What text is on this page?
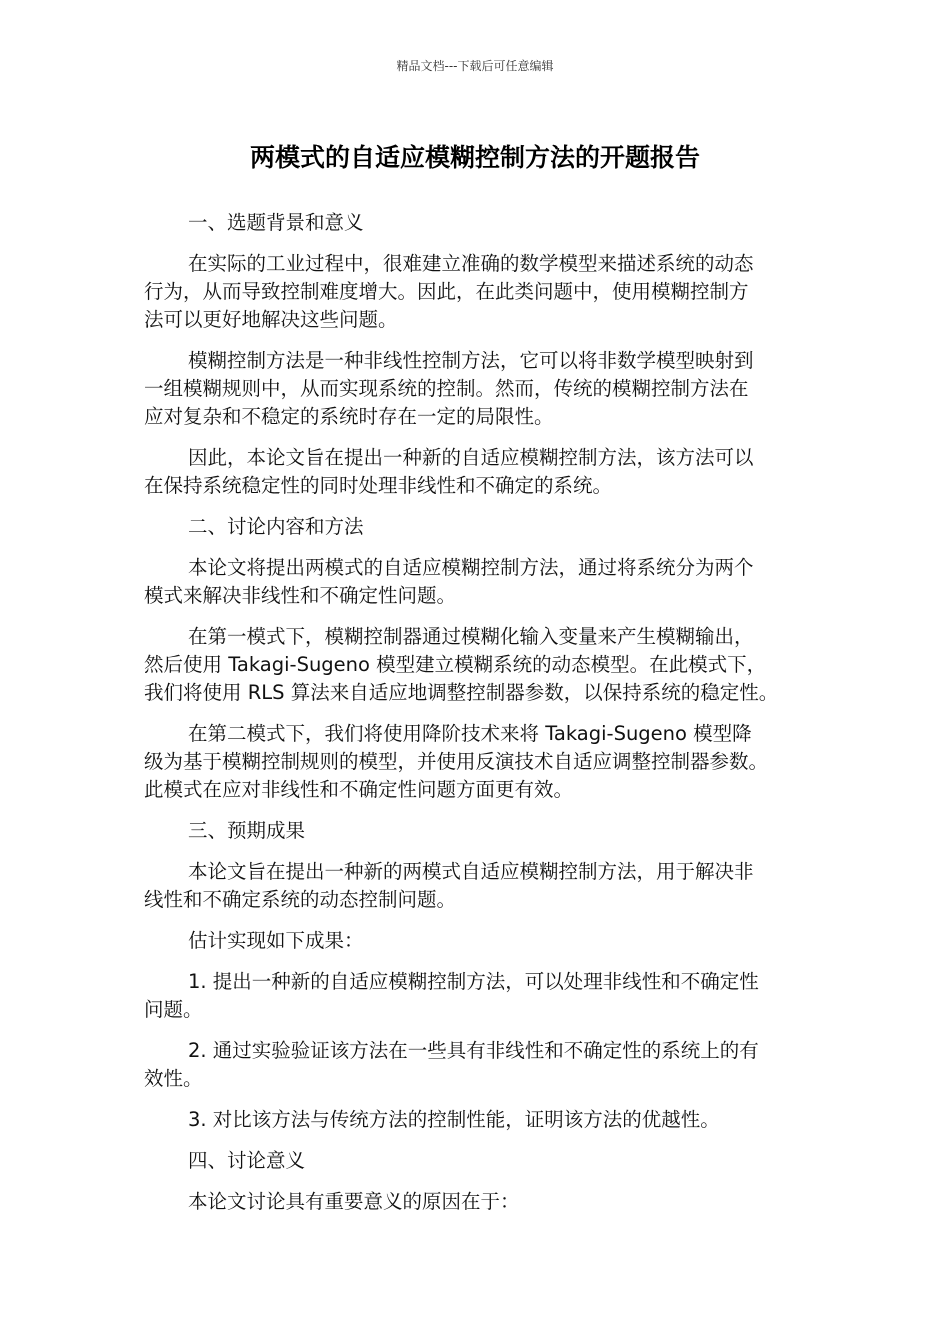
精品文档---下载后可任意编辑
两模式的自适应模糊控制方法的开题报告

一、选题背景和意义

在实际的工业过程中，很难建立准确的数学模型来描述系统的动态
行为，从而导致控制难度增大。因此，在此类问题中，使用模糊控制方
法可以更好地解决这些问题。

模糊控制方法是一种非线性控制方法，它可以将非数学模型映射到
一组模糊规则中，从而实现系统的控制。然而，传统的模糊控制方法在
应对复杂和不稳定的系统时存在一定的局限性。

因此，本论文旨在提出一种新的自适应模糊控制方法，该方法可以
在保持系统稳定性的同时处理非线性和不确定的系统。

二、讨论内容和方法

本论文将提出两模式的自适应模糊控制方法，通过将系统分为两个
模式来解决非线性和不确定性问题。

在第一模式下，模糊控制器通过模糊化输入变量来产生模糊输出，
然后使用 Takagi-Sugeno 模型建立模糊系统的动态模型。在此模式下，
我们将使用 RLS 算法来自适应地调整控制器参数，以保持系统的稳定性。

在第二模式下，我们将使用降阶技术来将 Takagi-Sugeno 模型降
级为基于模糊控制规则的模型，并使用反演技术自适应调整控制器参数。
此模式在应对非线性和不确定性问题方面更有效。

三、预期成果

本论文旨在提出一种新的两模式自适应模糊控制方法，用于解决非
线性和不确定系统的动态控制问题。

估计实现如下成果：

1. 提出一种新的自适应模糊控制方法，可以处理非线性和不确定性
问题。

2. 通过实验验证该方法在一些具有非线性和不确定性的系统上的有
效性。

3. 对比该方法与传统方法的控制性能，证明该方法的优越性。

四、讨论意义

本论文讨论具有重要意义的原因在于：
